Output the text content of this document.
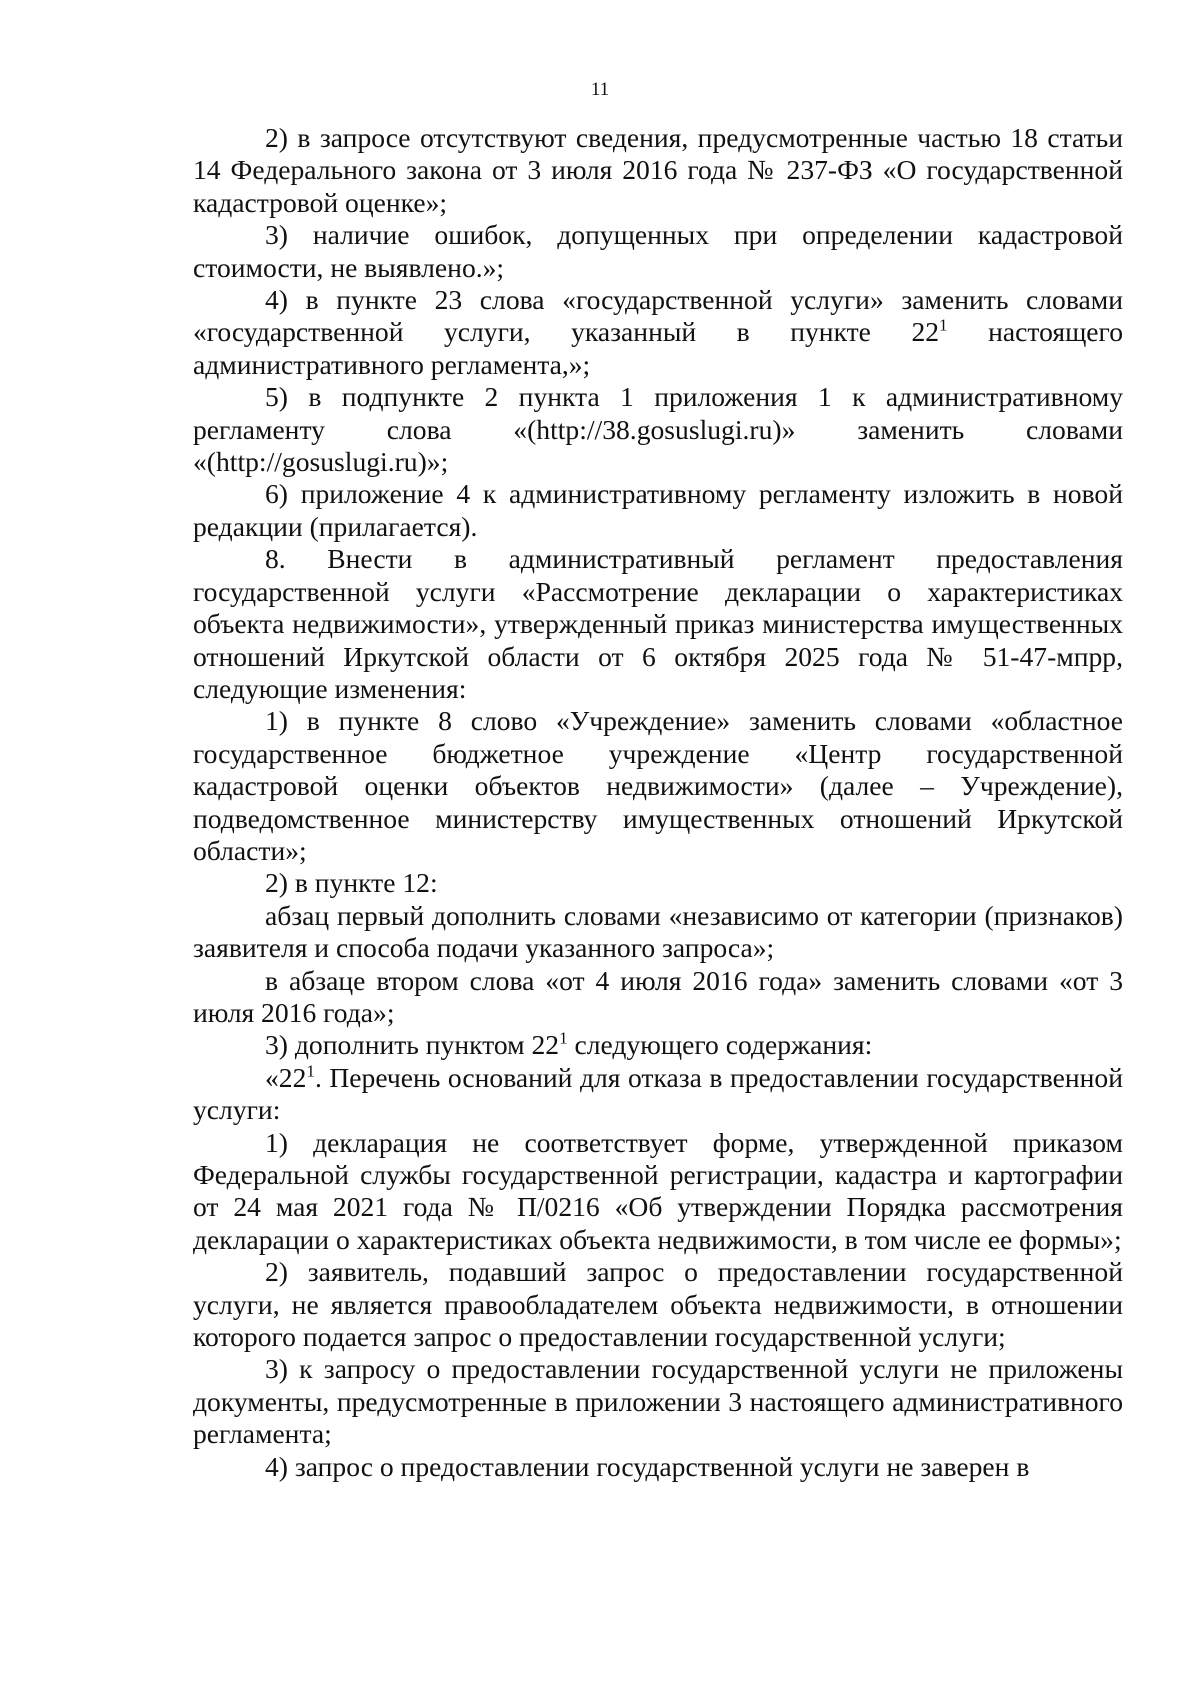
11

2) в запросе отсутствуют сведения, предусмотренные частью 18 статьи 14 Федерального закона от 3 июля 2016 года № 237-ФЗ «О государственной кадастровой оценке»;

3) наличие ошибок, допущенных при определении кадастровой стоимости, не выявлено.»;

4) в пункте 23 слова «государственной услуги» заменить словами «государственной услуги, указанный в пункте $22^1$ настоящего административного регламента,»;

5) в подпункте 2 пункта 1 приложения 1 к административному регламенту слова «(http://38.gosuslugi.ru)» заменить словами «(http://gosuslugi.ru)»;

6) приложение 4 к административному регламенту изложить в новой редакции (прилагается).

8. Внести в административный регламент предоставления государственной услуги «Рассмотрение декларации о характеристиках объекта недвижимости», утвержденный приказ министерства имущественных отношений Иркутской области от 6 октября 2025 года № 51-47-мпрр, следующие изменения:

1) в пункте 8 слово «Учреждение» заменить словами «областное государственное бюджетное учреждение «Центр государственной кадастровой оценки объектов недвижимости» (далее – Учреждение), подведомственное министерству имущественных отношений Иркутской области»;

2) в пункте 12:

абзац первый дополнить словами «независимо от категории (признаков) заявителя и способа подачи указанного запроса»;

в абзаце втором слова «от 4 июля 2016 года» заменить словами «от 3 июля 2016 года»;

3) дополнить пунктом $22^1$ следующего содержания:

«$22^1$. Перечень оснований для отказа в предоставлении государственной услуги:

1) декларация не соответствует форме, утвержденной приказом Федеральной службы государственной регистрации, кадастра и картографии от 24 мая 2021 года № П/0216 «Об утверждении Порядка рассмотрения декларации о характеристиках объекта недвижимости, в том числе ее формы»;

2) заявитель, подавший запрос о предоставлении государственной услуги, не является правообладателем объекта недвижимости, в отношении которого подается запрос о предоставлении государственной услуги;

3) к запросу о предоставлении государственной услуги не приложены документы, предусмотренные в приложении 3 настоящего административного регламента;

4) запрос о предоставлении государственной услуги не заверен в
